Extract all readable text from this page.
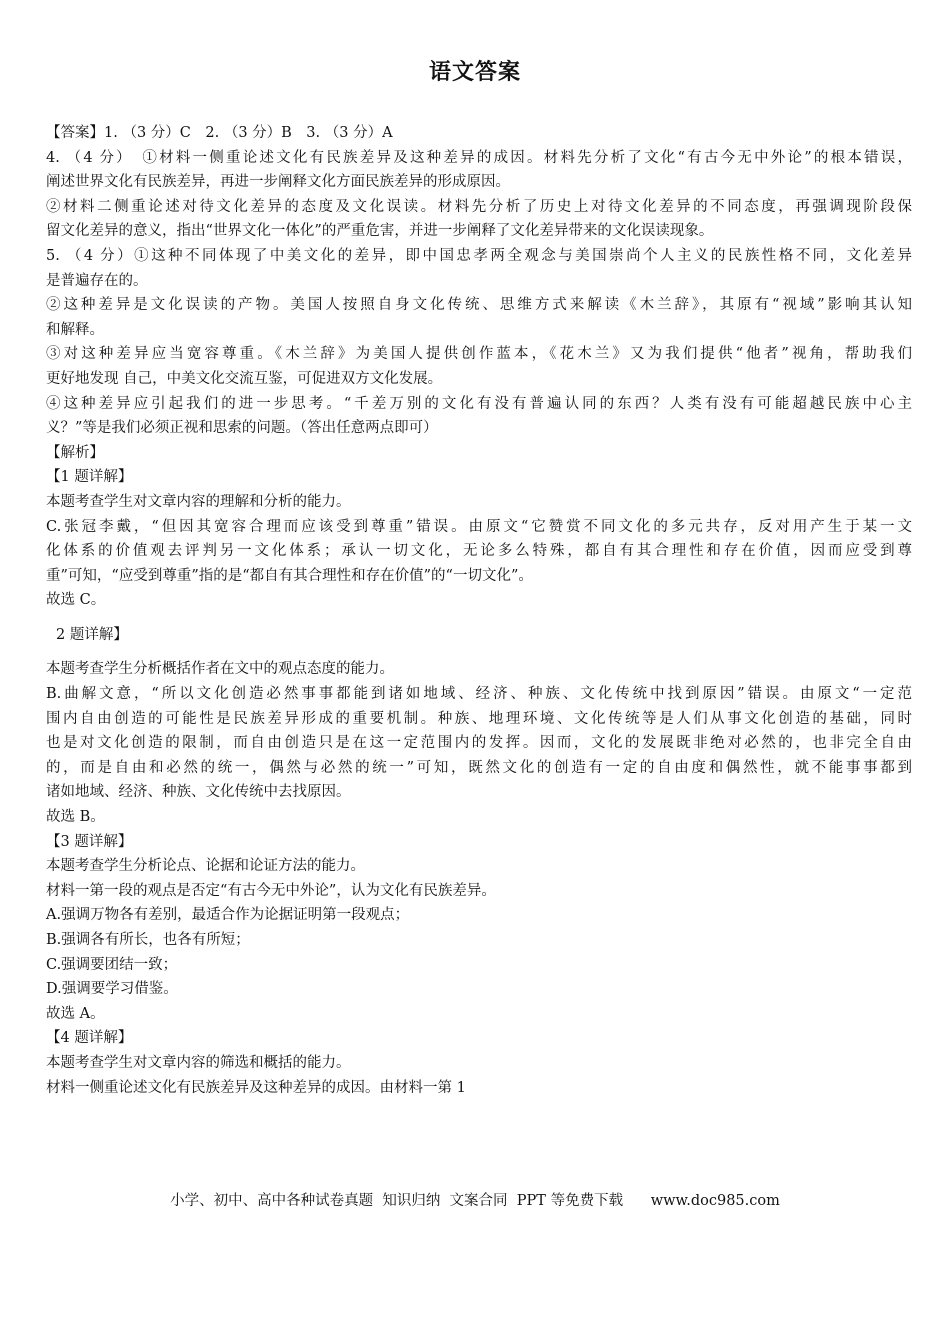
语文答案
【答案】1. （3 分）C　2. （3 分）B　3. （3 分）A
4. （4 分）　①材料一侧重论述文化有民族差异及这种差异的成因。材料先分析了文化“有古今无中外论”的根本错误，
阐述世界文化有民族差异，再进一步阐释文化方面民族差异的形成原因。
②材料二侧重论述对待文化差异的态度及文化误读。材料先分析了历史上对待文化差异的不同态度，再强调现阶段保
留文化差异的意义，指出“世界文化一体化”的严重危害，并进一步阐释了文化差异带来的文化误读现象。
5. （4 分）①这种不同体现了中美文化的差异，即中国忠孝两全观念与美国崇尚个人主义的民族性格不同，文化差异
是普遍存在的。
②这种差异是文化误读的产物。美国人按照自身文化传统、思维方式来解读《木兰辞》，其原有“视域”影响其认知
和解释。
③对这种差异应当宽容尊重。《木兰辞》为美国人提供创作蓝本，《花木兰》又为我们提供“他者”视角，帮助我们
更好地发现 自己，中美文化交流互鉴，可促进双方文化发展。
④这种差异应引起我们的进一步思考。“千差万别的文化有没有普遍认同的东西？人类有没有可能超越民族中心主
义？”等是我们必须正视和思索的问题。（答出任意两点即可）
【解析】
【1 题详解】
本题考查学生对文章内容的理解和分析的能力。
C.张冠李戴，“但因其宽容合理而应该受到尊重”错误。由原文“它赞赏不同文化的多元共存，反对用产生于某一文
化体系的价值观去评判另一文化体系；承认一切文化，无论多么特殊，都自有其合理性和存在价值，因而应受到尊
重”可知，“应受到尊重”指的是“都自有其合理性和存在价值”的“一切文化”。
故选 C。
2 题详解】
本题考查学生分析概括作者在文中的观点态度的能力。
B.曲解文意，“所以文化创造必然事事都能到诸如地域、经济、种族、文化传统中找到原因”错误。由原文“一定范
围内自由创造的可能性是民族差异形成的重要机制。种族、地理环境、文化传统等是人们从事文化创造的基础，同时
也是对文化创造的限制，而自由创造只是在这一定范围内的发挥。因而，文化的发展既非绝对必然的，也非完全自由
的，而是自由和必然的统一，偶然与必然的统一”可知，既然文化的创造有一定的自由度和偶然性，就不能事事都到
诸如地域、经济、种族、文化传统中去找原因。
故选 B。
【3 题详解】
本题考查学生分析论点、论据和论证方法的能力。
材料一第一段的观点是否定“有古今无中外论”，认为文化有民族差异。
A.强调万物各有差别，最适合作为论据证明第一段观点；
B.强调各有所长，也各有所短；
C.强调要团结一致；
D.强调要学习借鉴。
故选 A。
【4 题详解】
本题考查学生对文章内容的筛选和概括的能力。
材料一侧重论述文化有民族差异及这种差异的成因。由材料一第 1
小学、初中、高中各种试卷真题  知识归纳  文案合同  PPT 等免费下载      www.doc985.com
